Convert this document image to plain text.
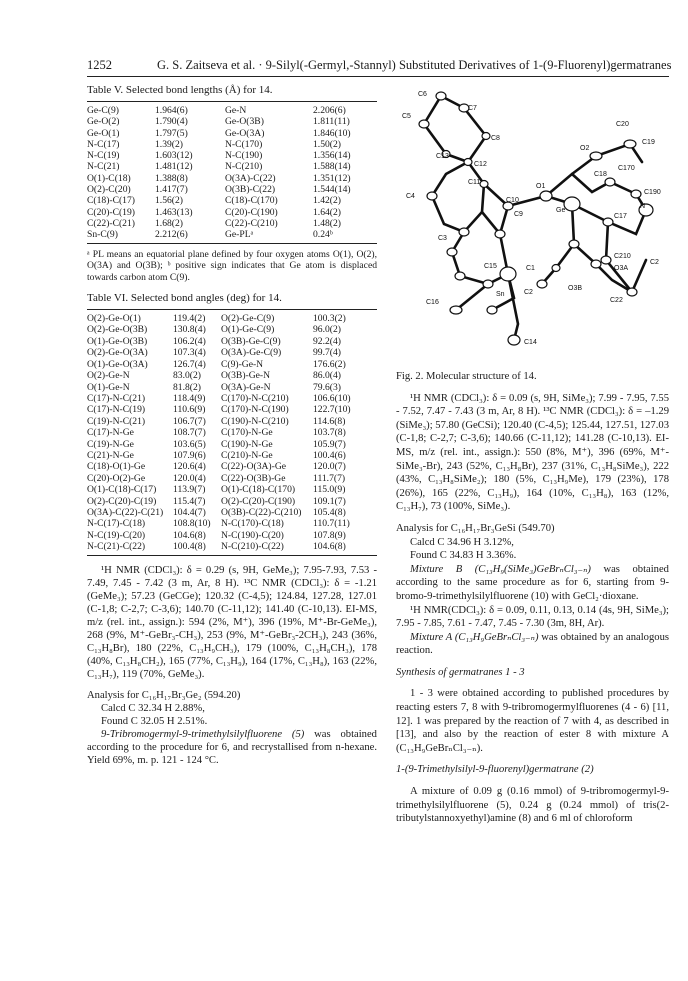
1252	G. S. Zaitseva et al. · 9-Silyl(-Germyl,-Stannyl) Substituted Derivatives of 1-(9-Fluorenyl)germatranes
Table V. Selected bond lengths (Å) for 14.
Ge-C(9)	1.964(6)	Ge-N	2.206(6)
Ge-O(2)	1.790(4)	Ge-O(3B)	1.811(11)
Ge-O(1)	1.797(5)	Ge-O(3A)	1.846(10)
N-C(17)	1.39(2)	N-C(170)	1.50(2)
N-C(19)	1.603(12)	N-C(190)	1.356(14)
N-C(21)	1.481(12)	N-C(210)	1.588(14)
O(1)-C(18)	1.388(8)	O(3A)-C(22)	1.351(12)
O(2)-C(20)	1.417(7)	O(3B)-C(22)	1.544(14)
C(18)-C(17)	1.56(2)	C(18)-C(170)	1.42(2)
C(20)-C(19)	1.463(13)	C(20)-C(190)	1.64(2)
C(22)-C(21)	1.68(2)	C(22)-C(210)	1.48(2)
Sn-C(9)	2.212(6)	Ge-PLᵃ	0.24ᵇ
ᵃ PL means an equatorial plane defined by four oxygen atoms O(1), O(2), O(3A) and O(3B); ᵇ positive sign indicates that Ge atom is displaced towards carbon atom C(9).
Table VI. Selected bond angles (deg) for 14.
O(2)-Ge-O(1)	119.4(2)	O(2)-Ge-C(9)	100.3(2)
O(2)-Ge-O(3B)	130.8(4)	O(1)-Ge-C(9)	96.0(2)
O(1)-Ge-O(3B)	106.2(4)	O(3B)-Ge-C(9)	92.2(4)
O(2)-Ge-O(3A)	107.3(4)	O(3A)-Ge-C(9)	99.7(4)
O(1)-Ge-O(3A)	126.7(4)	C(9)-Ge-N	176.6(2)
O(2)-Ge-N	83.0(2)	O(3B)-Ge-N	86.0(4)
O(1)-Ge-N	81.8(2)	O(3A)-Ge-N	79.6(3)
C(17)-N-C(21)	118.4(9)	C(170)-N-C(210)	106.6(10)
C(17)-N-C(19)	110.6(9)	C(170)-N-C(190)	122.7(10)
C(19)-N-C(21)	106.7(7)	C(190)-N-C(210)	114.6(8)
C(17)-N-Ge	108.7(7)	C(170)-N-Ge	103.7(8)
C(19)-N-Ge	103.6(5)	C(190)-N-Ge	105.9(7)
C(21)-N-Ge	107.9(6)	C(210)-N-Ge	100.4(6)
C(18)-O(1)-Ge	120.6(4)	C(22)-O(3A)-Ge	120.0(7)
C(20)-O(2)-Ge	120.0(4)	C(22)-O(3B)-Ge	111.7(7)
O(1)-C(18)-C(17)	113.9(7)	O(1)-C(18)-C(170)	115.0(9)
O(2)-C(20)-C(19)	115.4(7)	O(2)-C(20)-C(190)	109.1(7)
O(3A)-C(22)-C(21)	104.4(7)	O(3B)-C(22)-C(210)	105.4(8)
N-C(17)-C(18)	108.8(10)	N-C(170)-C(18)	110.7(11)
N-C(19)-C(20)	104.6(8)	N-C(190)-C(20)	107.8(9)
N-C(21)-C(22)	100.4(8)	N-C(210)-C(22)	104.6(8)

¹H NMR (CDCl₃): δ = 0.29 (s, 9H, GeMe₃); 7.95-7.93, 7.53 - 7.49, 7.45 - 7.42 (3 m, Ar, 8 H). ¹³C NMR (CDCl₃): δ = -1.21 (GeMe₃); 57.23 (GeCGe); 120.32 (C-4,5); 124.84, 127.28, 127.01 (C-1,8; C-2,7; C-3,6); 140.70 (C-11,12); 141.40 (C-10,13). EI-MS, m/z (rel. int., assign.): 594 (2%, M⁺), 396 (19%, M⁺-Br-GeMe₃), 268 (9%, M⁺-GeBr₃-CH₃), 253 (9%, M⁺-GeBr₃-2CH₃), 243 (36%, C₁₃H₈Br), 180 (22%, C₁₃H₉CH₃), 179 (100%, C₁₃H₈CH₃), 178 (40%, C₁₃H₈CH₂), 165 (77%, C₁₃H₉), 164 (17%, C₁₃H₈), 163 (22%, C₁₃H₇), 119 (70%, GeMe₃).

Analysis for C₁₆H₁₇Br₃Ge₂ (594.20)

Calcd C 32.34 H 2.88%,

Found C 32.05 H 2.51%.

9-Tribromogermyl-9-trimethylsilylfluorene (5) was obtained according to the procedure for 6, and recrystallised from n-hexane. Yield 69%, m. p. 121 - 124 °C.

C6
C7
C5
C8
C13
C12
C20
C19
O2
C170
C18
O1
C190
C11
C4
C10
C9
Ge
C17
N
O3A
C210
C2
C3
C15	C1
Sn	C2
O3B
C22
C16
C14

Fig. 2. Molecular structure of 14.

¹H NMR (CDCl₃): δ = 0.09 (s, 9H, SiMe₃); 7.99 - 7.95, 7.55 - 7.52, 7.47 - 7.43 (3 m, Ar, 8 H). ¹³C NMR (CDCl₃): δ = –1.29 (SiMe₃); 57.80 (GeCSi); 120.40 (C-4,5); 125.44, 127.51, 127.03 (C-1,8; C-2,7; C-3,6); 140.66 (C-11,12); 141.28 (C-10,13). EI-MS, m/z (rel. int., assign.): 550 (8%, M⁺), 396 (69%, M⁺-SiMe₃-Br), 243 (52%, C₁₃H₈Br), 237 (31%, C₁₃H₈SiMe₃), 222 (43%, C₁₃H₈SiMe₂); 180 (5%, C₁₃H₉Me), 179 (23%), 178 (26%), 165 (22%, C₁₃H₉), 164 (10%, C₁₃H₈), 163 (12%, C₁₃H₇), 73 (100%, SiMe₃).

Analysis for C₁₆H₁₇Br₃GeSi (549.70)

Calcd C 34.96 H 3.12%,

Found C 34.83 H 3.36%.

Mixture B (C₁₃H₉(SiMe₃)GeBrₙCl₃₋ₙ) was obtained according to the same procedure as for 6, starting from 9-bromo-9-trimethylsilylfluorene (10) with GeCl₂·dioxane.

¹H NMR(CDCl₃): δ = 0.09, 0.11, 0.13, 0.14 (4s, 9H, SiMe₃); 7.95 - 7.85, 7.61 - 7.47, 7.45 - 7.30 (3m, 8H, Ar).

Mixture A (C₁₃H₉GeBrₙCl₃₋ₙ) was obtained by an analogous reaction.

Synthesis of germatranes 1 - 3

1 - 3 were obtained according to published procedures by reacting esters 7, 8 with 9-tribromogermylfluorenes (4 - 6) [11, 12]. 1 was prepared by the reaction of 7 with 4, as described in [13], and also by the reaction of ester 8 with mixture A (C₁₃H₉GeBrₙCl₃₋ₙ).

1-(9-Trimethylsilyl-9-fluorenyl)germatrane (2)

A mixture of 0.09 g (0.16 mmol) of 9-tribromogermyl-9-trimethylsilylfluorene (5), 0.24 g (0.24 mmol) of tris(2-tributylstannoxyethyl)amine (8) and 6 ml of chloroform
